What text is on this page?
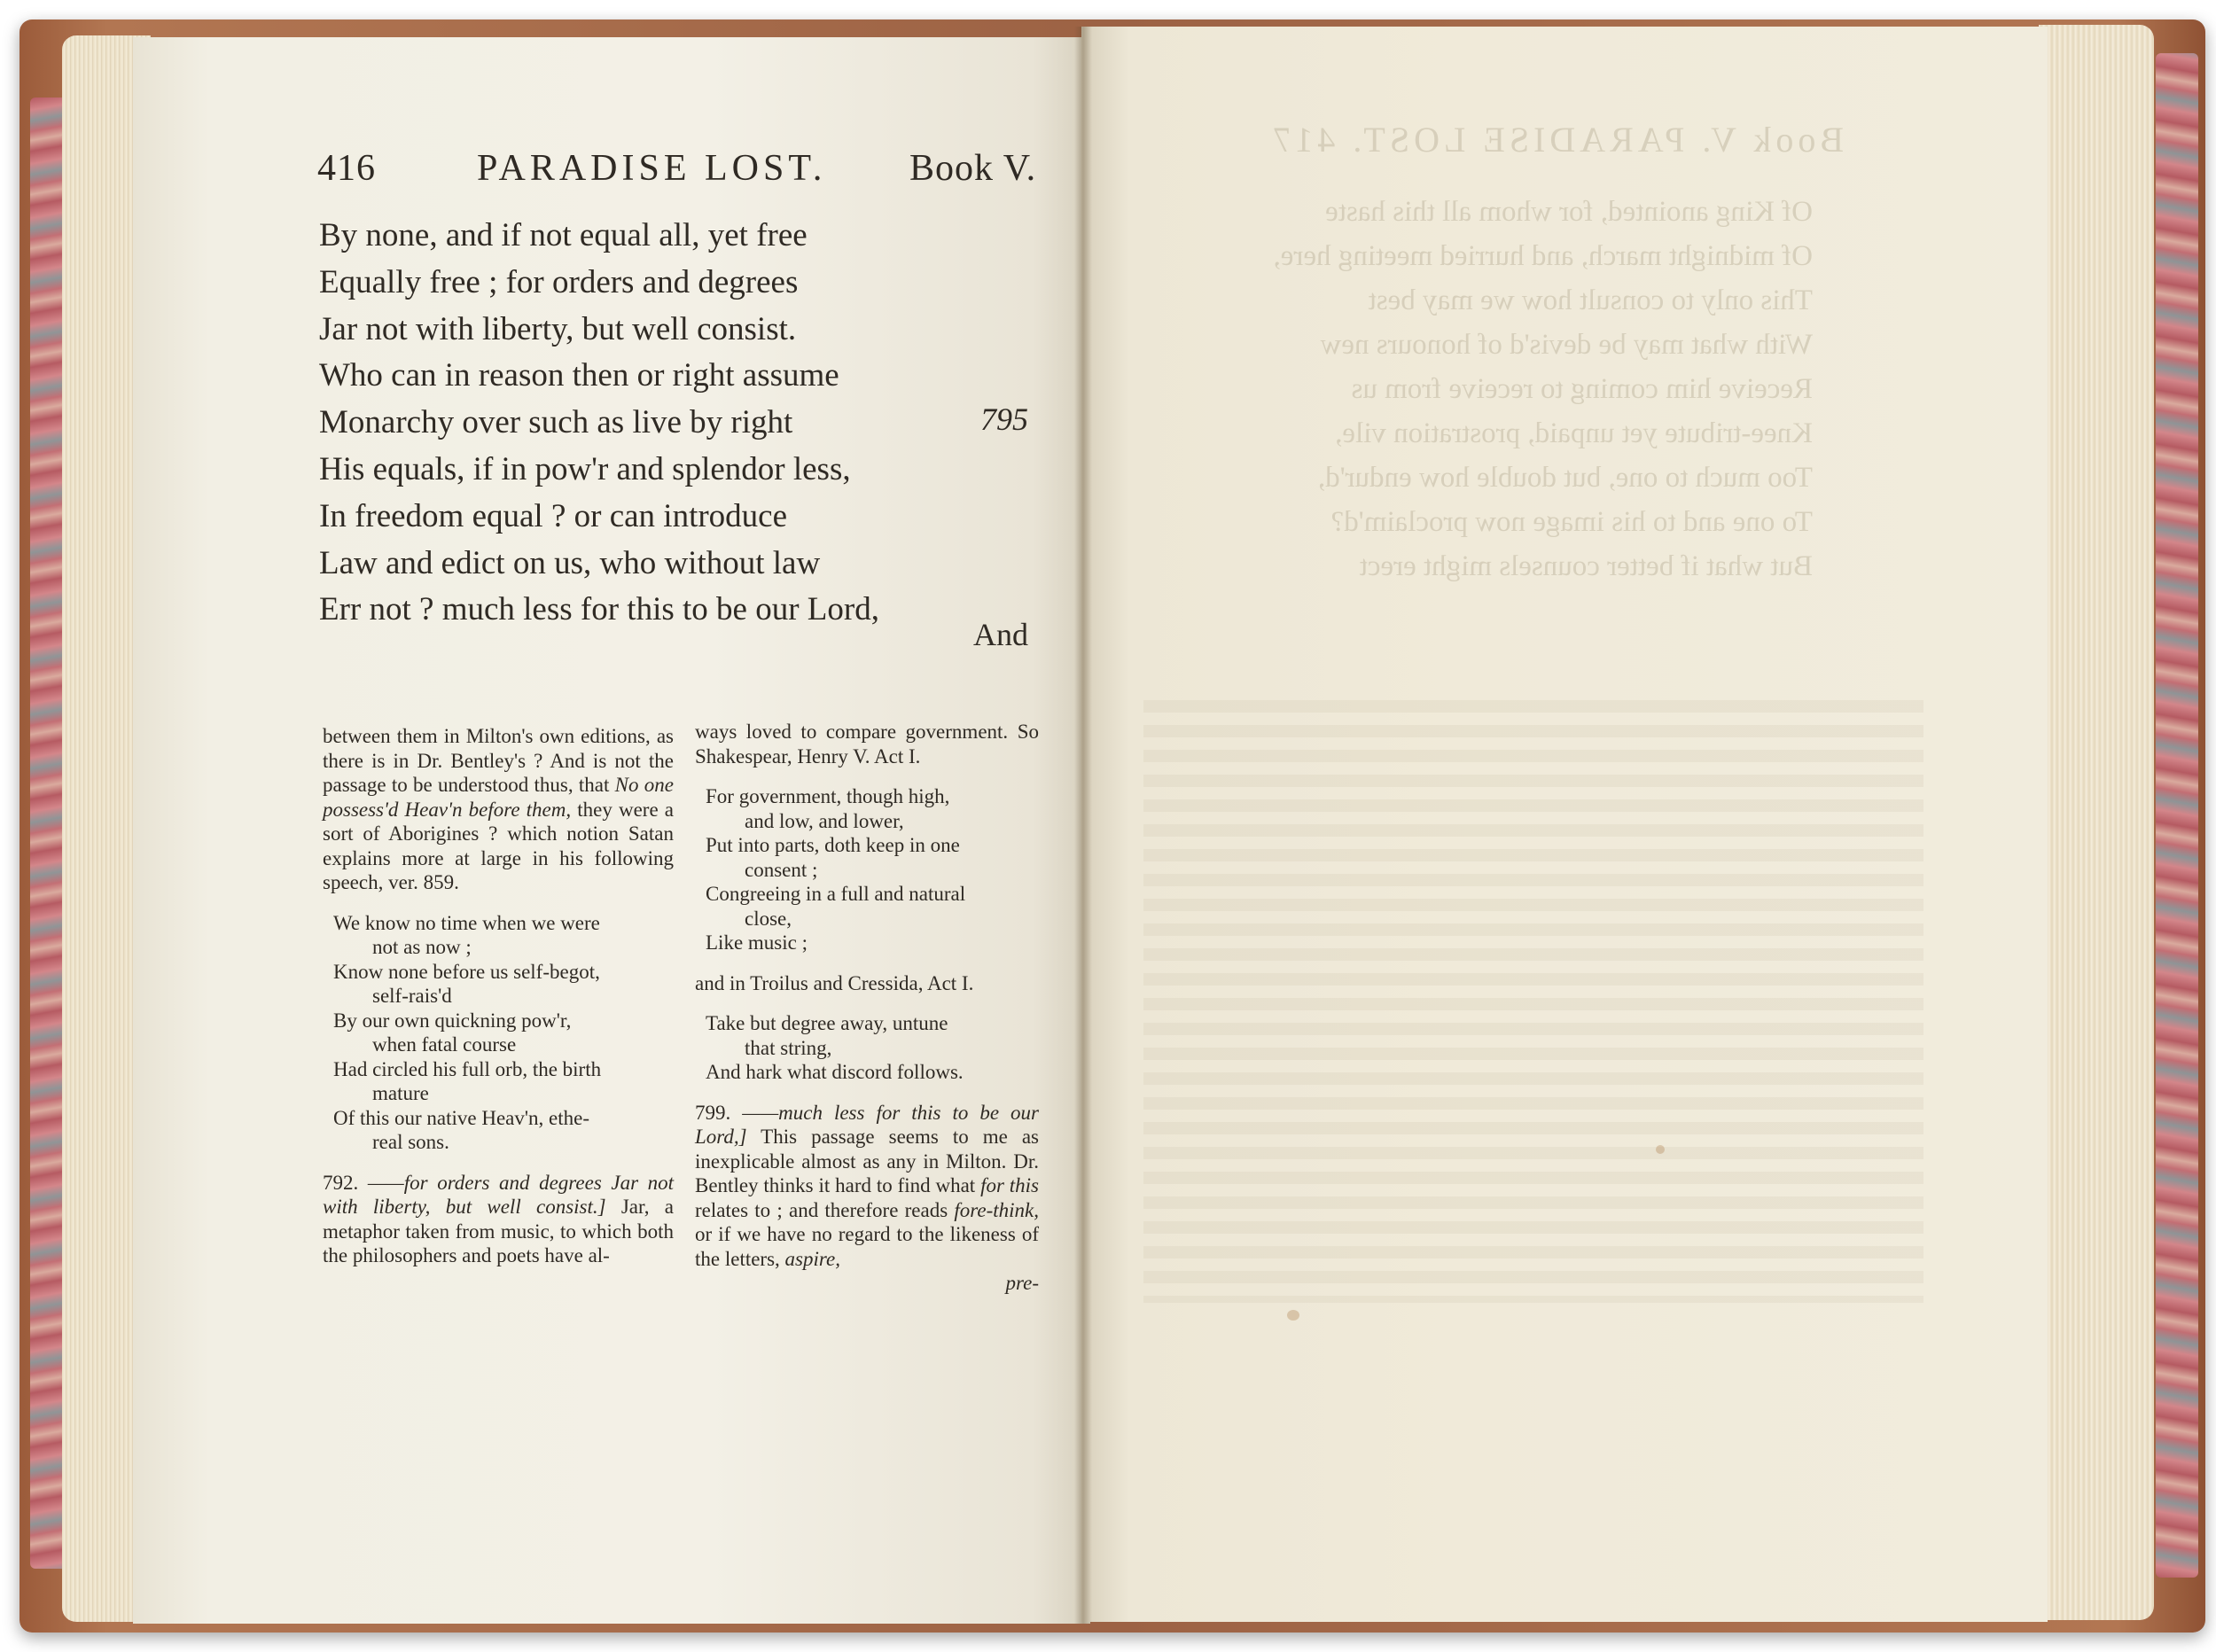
Book V. PARADISE LOST. 417
Of King anointed, for whom all this haste
Of midnight march, and hurried meeting here,
This only to consult how we may best
With what may be devis'd of honours new
Receive him coming to receive from us
Knee-tribute yet unpaid, prostration vile,
Too much to one, but double how endur'd,
To one and to his image now proclaim'd?
But what if better counsels might erect
416	PARADISE LOST. Book V.
By none, and if not equal all, yet free
Equally free ; for orders and degrees
Jar not with liberty, but well consist.
Who can in reason then or right assume
Monarchy over such as live by right
His equals, if in pow'r and splendor less,
In freedom equal ? or can introduce
Law and edict on us, who without law
Err not ? much less for this to be our Lord,
795
And
between them in Milton's own editions, as there is in Dr. Bentley's ? And is not the passage to be understood thus, that No one possess'd Heav'n before them, they were a sort of Aborigines ? which notion Satan explains more at large in his following speech, ver. 859.
We know no time when we were
not as now ;
Know none before us self-begot,
self-rais'd
By our own quickning pow'r,
when fatal course
Had circled his full orb, the birth
mature
Of this our native Heav'n, ethe-
real sons.
792. ——for orders and degrees Jar not with liberty, but well consist.] Jar, a metaphor taken from music, to which both the philosophers and poets have al-
ways loved to compare government. So Shakespear, Henry V. Act I.
For government, though high,
and low, and lower,
Put into parts, doth keep in one
consent ;
Congreeing in a full and natural
close,
Like music ;
and in Troilus and Cressida, Act I.
Take but degree away, untune
that string,
And hark what discord follows.
799. ——much less for this to be our Lord,] This passage seems to me as inexplicable almost as any in Milton. Dr. Bentley thinks it hard to find what for this relates to ; and therefore reads fore-think, or if we have no regard to the likeness of the letters, aspire,
pre-
